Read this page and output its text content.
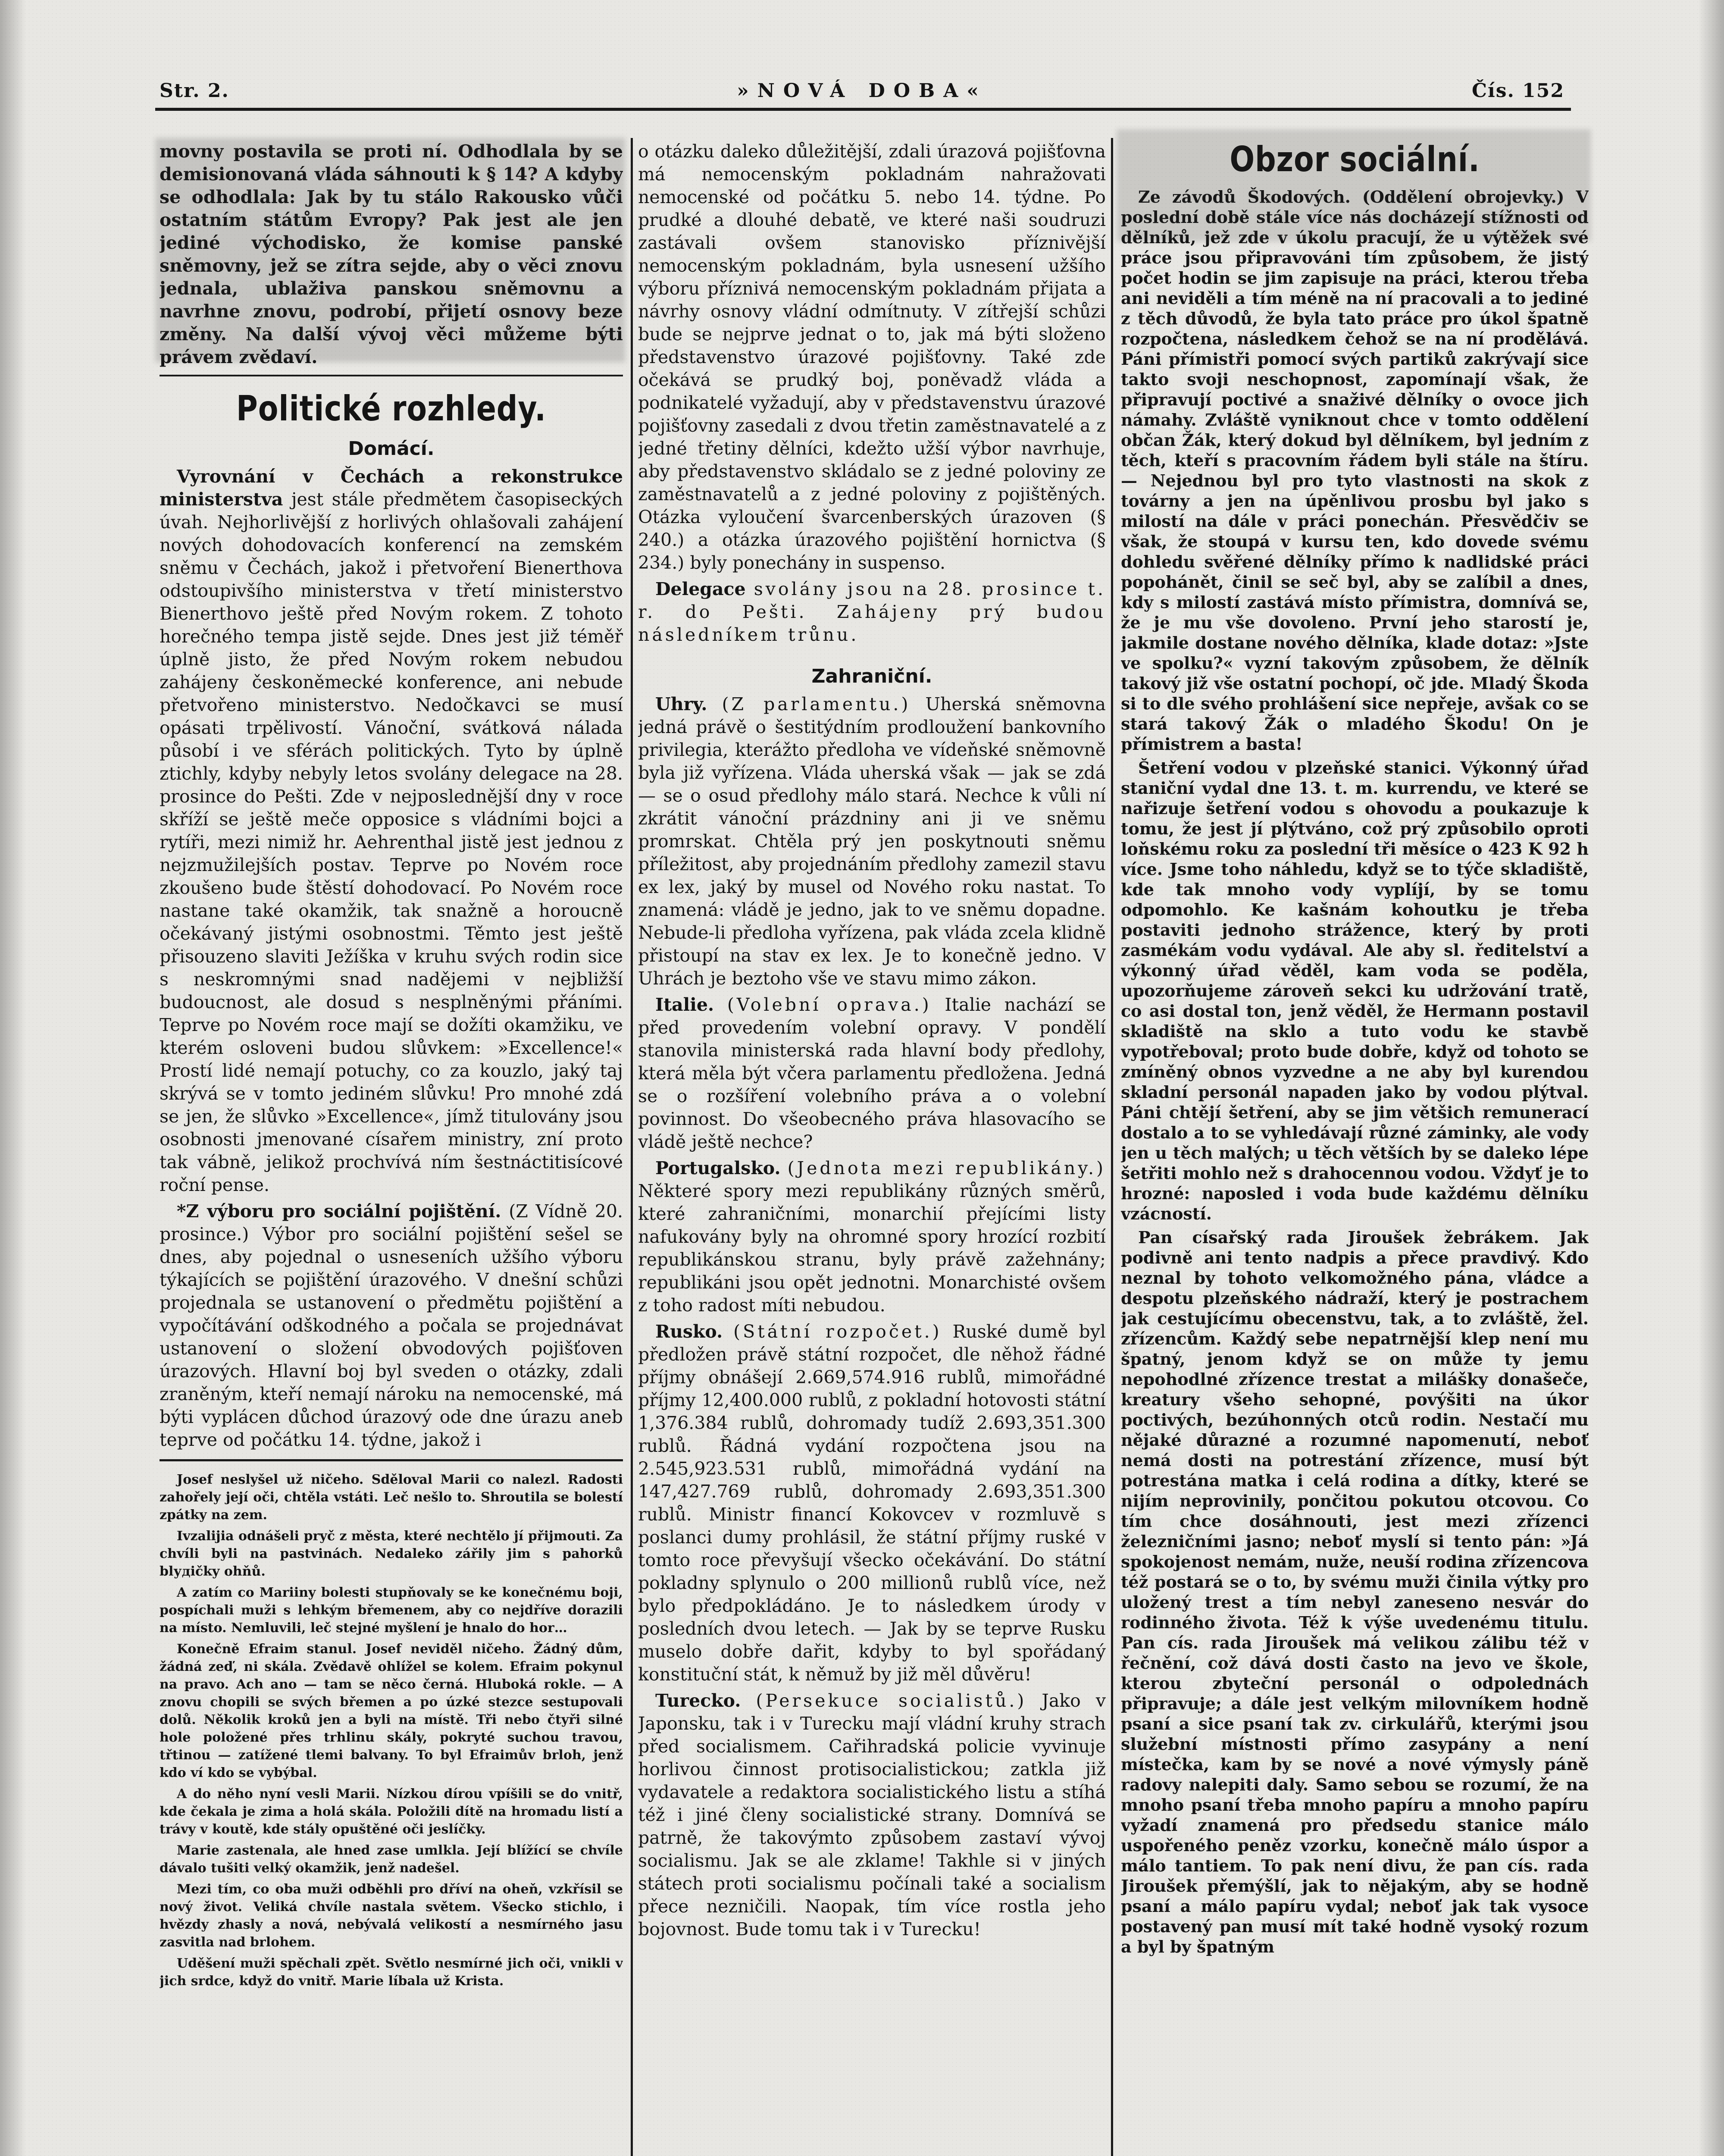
Str. 2.	»NOVÁ DOBA«	Čís. 152

movny postavila se proti ní. Odhodlala by se demisionovaná vláda sáhnouti k § 14? A kdyby se odhodlala: Jak by tu stálo Rakousko vůči ostatním státům Evropy? Pak jest ale jen jediné východisko, že komise panské sněmovny, jež se zítra sejde, aby o věci znovu jednala, ublaživa panskou sněmovnu a navrhne znovu, podrobí, přijetí osnovy beze změny. Na další vývoj věci můžeme býti právem zvědaví.

Politické rozhledy.

Domácí.

Vyrovnání v Čechách a rekonstrukce ministerstva jest stále předmětem časopiseckých úvah. Nejhorlivější z horlivých ohlašovali zahájení nových dohodovacích konferencí na zemském sněmu v Čechách, jakož i přetvoření Bienerthova odstoupivšího ministerstva v třetí ministerstvo Bienerthovo ještě před Novým rokem. Z tohoto horečného tempa jistě sejde. Dnes jest již téměř úplně jisto, že před Novým rokem nebudou zahájeny českoněmecké konference, ani nebude přetvořeno ministerstvo. Nedočkavci se musí opásati trpělivostí. Vánoční, svátková nálada působí i ve sférách politických. Tyto by úplně ztichly, kdyby nebyly letos svolány delegace na 28. prosince do Pešti. Zde v nejposlednější dny v roce skříží se ještě meče opposice s vládními bojci a rytíři, mezi nimiž hr. Aehrenthal jistě jest jednou z nejzmužilejších postav. Teprve po Novém roce zkoušeno bude štěstí dohodovací. Po Novém roce nastane také okamžik, tak snažně a horoucně očekávaný jistými osobnostmi. Těmto jest ještě přisouzeno slaviti Ježíška v kruhu svých rodin sice s neskromnými snad nadějemi v nejbližší budoucnost, ale dosud s nesplněnými přáními. Teprve po Novém roce mají se dožíti okamžiku, ve kterém osloveni budou slůvkem: »Excellence!« Prostí lidé nemají potuchy, co za kouzlo, jaký taj skrývá se v tomto jediném slůvku! Pro mnohé zdá se jen, že slůvko »Excellence«, jímž titulovány jsou osobnosti jmenované císařem ministry, zní proto tak vábně, jelikož prochvívá ním šestnáctitisícové roční pense.

*Z výboru pro sociální pojištění. (Z Vídně 20. prosince.) Výbor pro sociální pojištění sešel se dnes, aby pojednal o usneseních užšího výboru týkajících se pojištění úrazového. V dnešní schůzi projednala se ustanovení o předmětu pojištění a vypočítávání odškodného a počala se projednávat ustanovení o složení obvodových pojišťoven úrazových. Hlavní boj byl sveden o otázky, zdali zraněným, kteří nemají nároku na nemocenské, má býti vyplácen důchod úrazový ode dne úrazu aneb teprve od počátku 14. týdne, jakož i

Josef neslyšel už ničeho. Sděloval Marii co nalezl. Radosti zahořely její oči, chtěla vstáti. Leč nešlo to. Shroutila se bolestí zpátky na zem.

Ivzalijia odnášeli pryč z města, které nechtělo jí přijmouti. Za chvíli byli na pastvinách. Nedaleko zářily jim s pahorků blудičky ohňů.

A zatím co Mariiny bolesti stupňovaly se ke konečnému boji, pospíchali muži s lehkým břemenem, aby co nejdříve dorazili na místo. Nemluvili, leč stejné myšlení je hnalo do hor…

Konečně Efraim stanul. Josef neviděl ničeho. Žádný dům, žádná zeď, ni skála. Zvědavě ohlížel se kolem. Efraim pokynul na pravo. Ach ano — tam se něco černá. Hluboká rokle. — A znovu chopili se svých břemen a po úzké stezce sestupovali dolů. Několik kroků jen a byli na místě. Tři nebo čtyři silné hole položené přes trhlinu skály, pokryté suchou travou, třtinou — zatížené tlemi balvany. To byl Efraimův brloh, jenž kdo ví kdo se vybýbal.

A do něho nyní vesli Marii. Nízkou dírou vpíšili se do vnitř, kde čekala je zima a holá skála. Položili dítě na hromadu listí a trávy v koutě, kde stály opuštěné oči jeslíčky.

Marie zastenala, ale hned zase umlkla. Její blížící se chvíle dávalo tušiti velký okamžik, jenž nadešel.

Mezi tím, co oba muži odběhli pro dříví na oheň, vzkřísil se nový život. Veliká chvíle nastala světem. Všecko stichlo, i hvězdy zhasly a nová, nebývalá velikostí a nesmírného jasu zasvitla nad brlohem.

Uděšení muži spěchali zpět. Světlo nesmírné jich oči, vnikli v jich srdce, když do vnitř. Marie líbala už Krista.

o otázku daleko důležitější, zdali úrazová pojišťovna má nemocenským pokladnám nahražovati nemocenské od počátku 5. nebo 14. týdne. Po prudké a dlouhé debatě, ve které naši soudruzi zastávali ovšem stanovisko příznivější nemocenským pokladnám, byla usnesení užšího výboru příznivá nemocenským pokladnám přijata a návrhy osnovy vládní odmítnuty. V zítřejší schůzi bude se nejprve jednat o to, jak má býti složeno představenstvo úrazové pojišťovny. Také zde očekává se prudký boj, poněvadž vláda a podnikatelé vyžadují, aby v představenstvu úrazové pojišťovny zasedali z dvou třetin zaměstnavatelé a z jedné třetiny dělníci, kdežto užší výbor navrhuje, aby představenstvo skládalo se z jedné poloviny ze zaměstnavatelů a z jedné poloviny z pojištěných. Otázka vyloučení švarcenberských úrazoven (§ 240.) a otázka úrazového pojištění hornictva (§ 234.) byly ponechány in suspenso.

Delegace svolány jsou na 28. prosince t. r. do Pešti. Zahájeny prý budou následníkem trůnu.

Zahraniční.

Uhry. (Z parlamentu.) Uherská sněmovna jedná právě o šestitýdním prodloužení bankovního privilegia, kterážto předloha ve vídeňské sněmovně byla již vyřízena. Vláda uherská však — jak se zdá — se o osud předlohy málo stará. Nechce k vůli ní zkrátit vánoční prázdniny ani ji ve sněmu promrskat. Chtěla prý jen poskytnouti sněmu příležitost, aby projednáním předlohy zamezil stavu ex lex, jaký by musel od Nového roku nastat. To znamená: vládě je jedno, jak to ve sněmu dopadne. Nebude-li předloha vyřízena, pak vláda zcela klidně přistoupí na stav ex lex. Je to konečně jedno. V Uhrách je beztoho vše ve stavu mimo zákon.

Italie. (Volební oprava.) Italie nachází se před provedením volební opravy. V pondělí stanovila ministerská rada hlavní body předlohy, která měla být včera parlamentu předložena. Jedná se o rozšíření volebního práva a o volební povinnost. Do všeobecného práva hlasovacího se vládě ještě nechce?

Portugalsko. (Jednota mezi republikány.) Některé spory mezi republikány různých směrů, které zahraničními, monarchií přejícími listy nafukovány byly na ohromné spory hrozící rozbití republikánskou stranu, byly právě zažehnány; republikáni jsou opět jednotni. Monarchisté ovšem z toho radost míti nebudou.

Rusko. (Státní rozpočet.) Ruské dumě byl předložen právě státní rozpočet, dle něhož řádné příjmy obnášejí 2.669,574.916 rublů, mimořádné příjmy 12,400.000 rublů, z pokladní hotovosti státní 1,376.384 rublů, dohromady tudíž 2.693,351.300 rublů. Řádná vydání rozpočtena jsou na 2.545,923.531 rublů, mimořádná vydání na 147,427.769 rublů, dohromady 2.693,351.300 rublů. Ministr financí Kokovcev v rozmluvě s poslanci dumy prohlásil, že státní příjmy ruské v tomto roce převyšují všecko očekávání. Do státní pokladny splynulo o 200 millionů rublů více, než bylo předpokládáno. Je to následkem úrody v posledních dvou letech. — Jak by se teprve Rusku muselo dobře dařit, kdyby to byl spořádaný konstituční stát, k němuž by již měl důvěru!

Turecko. (Persekuce socialistů.) Jako v Japonsku, tak i v Turecku mají vládní kruhy strach před socialismem. Cařihradská policie vyvinuje horlivou činnost protisocialistickou; zatkla již vydavatele a redaktora socialistického listu a stíhá též i jiné členy socialistické strany. Domnívá se patrně, že takovýmto způsobem zastaví vývoj socialismu. Jak se ale zklame! Takhle si v jiných státech proti socialismu počínali také a socialism přece nezničili. Naopak, tím více rostla jeho bojovnost. Bude tomu tak i v Turecku!

Obzor sociální.

Ze závodů Škodových. (Oddělení obrojevky.) V poslední době stále více nás docházejí stížnosti od dělníků, jež zde v úkolu pracují, že u výtěžek své práce jsou připravováni tím způsobem, že jistý počet hodin se jim zapisuje na práci, kterou třeba ani neviděli a tím méně na ní pracovali a to jediné z těch důvodů, že byla tato práce pro úkol špatně rozpočtena, následkem čehož se na ní prodělává. Páni přímistři pomocí svých partiků zakrývají sice takto svoji neschopnost, zapomínají však, že připravují poctivé a snaživé dělníky o ovoce jich námahy. Zvláště vyniknout chce v tomto oddělení občan Žák, který dokud byl dělníkem, byl jedním z těch, kteří s pracovním řádem byli stále na štíru. — Nejednou byl pro tyto vlastnosti na skok z továrny a jen na úpěnlivou prosbu byl jako s milostí na dále v práci ponechán. Přesvědčiv se však, že stoupá v kursu ten, kdo dovede svému dohledu svěřené dělníky přímo k nadlidské práci popohánět, činil se seč byl, aby se zalíbil a dnes, kdy s milostí zastává místo přímistra, domnívá se, že je mu vše dovoleno. První jeho starostí je, jakmile dostane nového dělníka, klade dotaz: »Jste ve spolku?« vyzní takovým způsobem, že dělník takový již vše ostatní pochopí, oč jde. Mladý Škoda si to dle svého prohlášení sice nepřeje, avšak co se stará takový Žák o mladého Škodu! On je přímistrem a basta!

Šetření vodou v plzeňské stanici. Výkonný úřad staniční vydal dne 13. t. m. kurrendu, ve které se nařizuje šetření vodou s ohovodu a poukazuje k tomu, že jest jí plýtváno, což prý způsobilo oproti loňskému roku za poslední tři měsíce o 423 K 92 h více. Jsme toho náhledu, když se to týče skladiště, kde tak mnoho vody vyplíjí, by se tomu odpomohlo. Ke kašnám kohoutku je třeba postaviti jednoho strážence, který by proti zasmékám vodu vydával. Ale aby sl. ředitelství a výkonný úřad věděl, kam voda se poděla, upozorňujeme zároveň sekci ku udržování tratě, co asi dostal ton, jenž věděl, že Hermann postavil skladiště na sklo a tuto vodu ke stavbě vypotřeboval; proto bude dobře, když od tohoto se zmíněný obnos vyzvedne a ne aby byl kurendou skladní personál napaden jako by vodou plýtval. Páni chtějí šetření, aby se jim většich remunerací dostalo a to se vyhledávají různé záminky, ale vody jen u těch malých; u těch větších by se daleko lépe šetřiti mohlo než s drahocennou vodou. Vždyť je to hrozné: naposled i voda bude každému dělníku vzácností.

Pan císařský rada Jiroušek žebrákem. Jak podivně ani tento nadpis a přece pravdivý. Kdo neznal by tohoto velkomožného pána, vládce a despotu plzeňského nádraží, který je postrachem jak cestujícímu obecenstvu, tak, a to zvláště, žel. zřízencům. Každý sebe nepatrnější klep není mu špatný, jenom když se on může ty jemu nepohodlné zřízence trestat a milášky donašeče, kreatury všeho sehopné, povýšiti na úkor poctivých, bezúhonných otců rodin. Nestačí mu nějaké důrazné a rozumné napomenutí, neboť nemá dosti na potrestání zřízence, musí být potrestána matka i celá rodina a dítky, které se nijím neprovinily, pončitou pokutou otcovou. Co tím chce dosáhnouti, jest mezi zřízenci železničními jasno; neboť myslí si tento pán: »Já spokojenost nemám, nuže, neuší rodina zřízencova též postará se o to, by svému muži činila výtky pro uložený trest a tím nebyl zaneseno nesvár do rodinného života. Též k výše uvedenému titulu. Pan cís. rada Jiroušek má velikou zálibu též v řečnění, což dává dosti často na jevo ve škole, kterou zbyteční personál o odpolednách připravuje; a dále jest velkým milovníkem hodně psaní a sice psaní tak zv. cirkulářů, kterými jsou služební místnosti přímo zasypány a není místečka, kam by se nové a nové výmysly páně radovy nalepiti daly. Samo sebou se rozumí, že na mnoho psaní třeba mnoho papíru a mnoho papíru vyžadí znamená pro předsedu stanice málo uspořeného peněz vzorku, konečně málo úspor a málo tantiem. To pak není divu, že pan cís. rada Jiroušek přemýšlí, jak to nějakým, aby se hodně psaní a málo papíru vydal; neboť jak tak vysoce postavený pan musí mít také hodně vysoký rozum a byl by špatným
